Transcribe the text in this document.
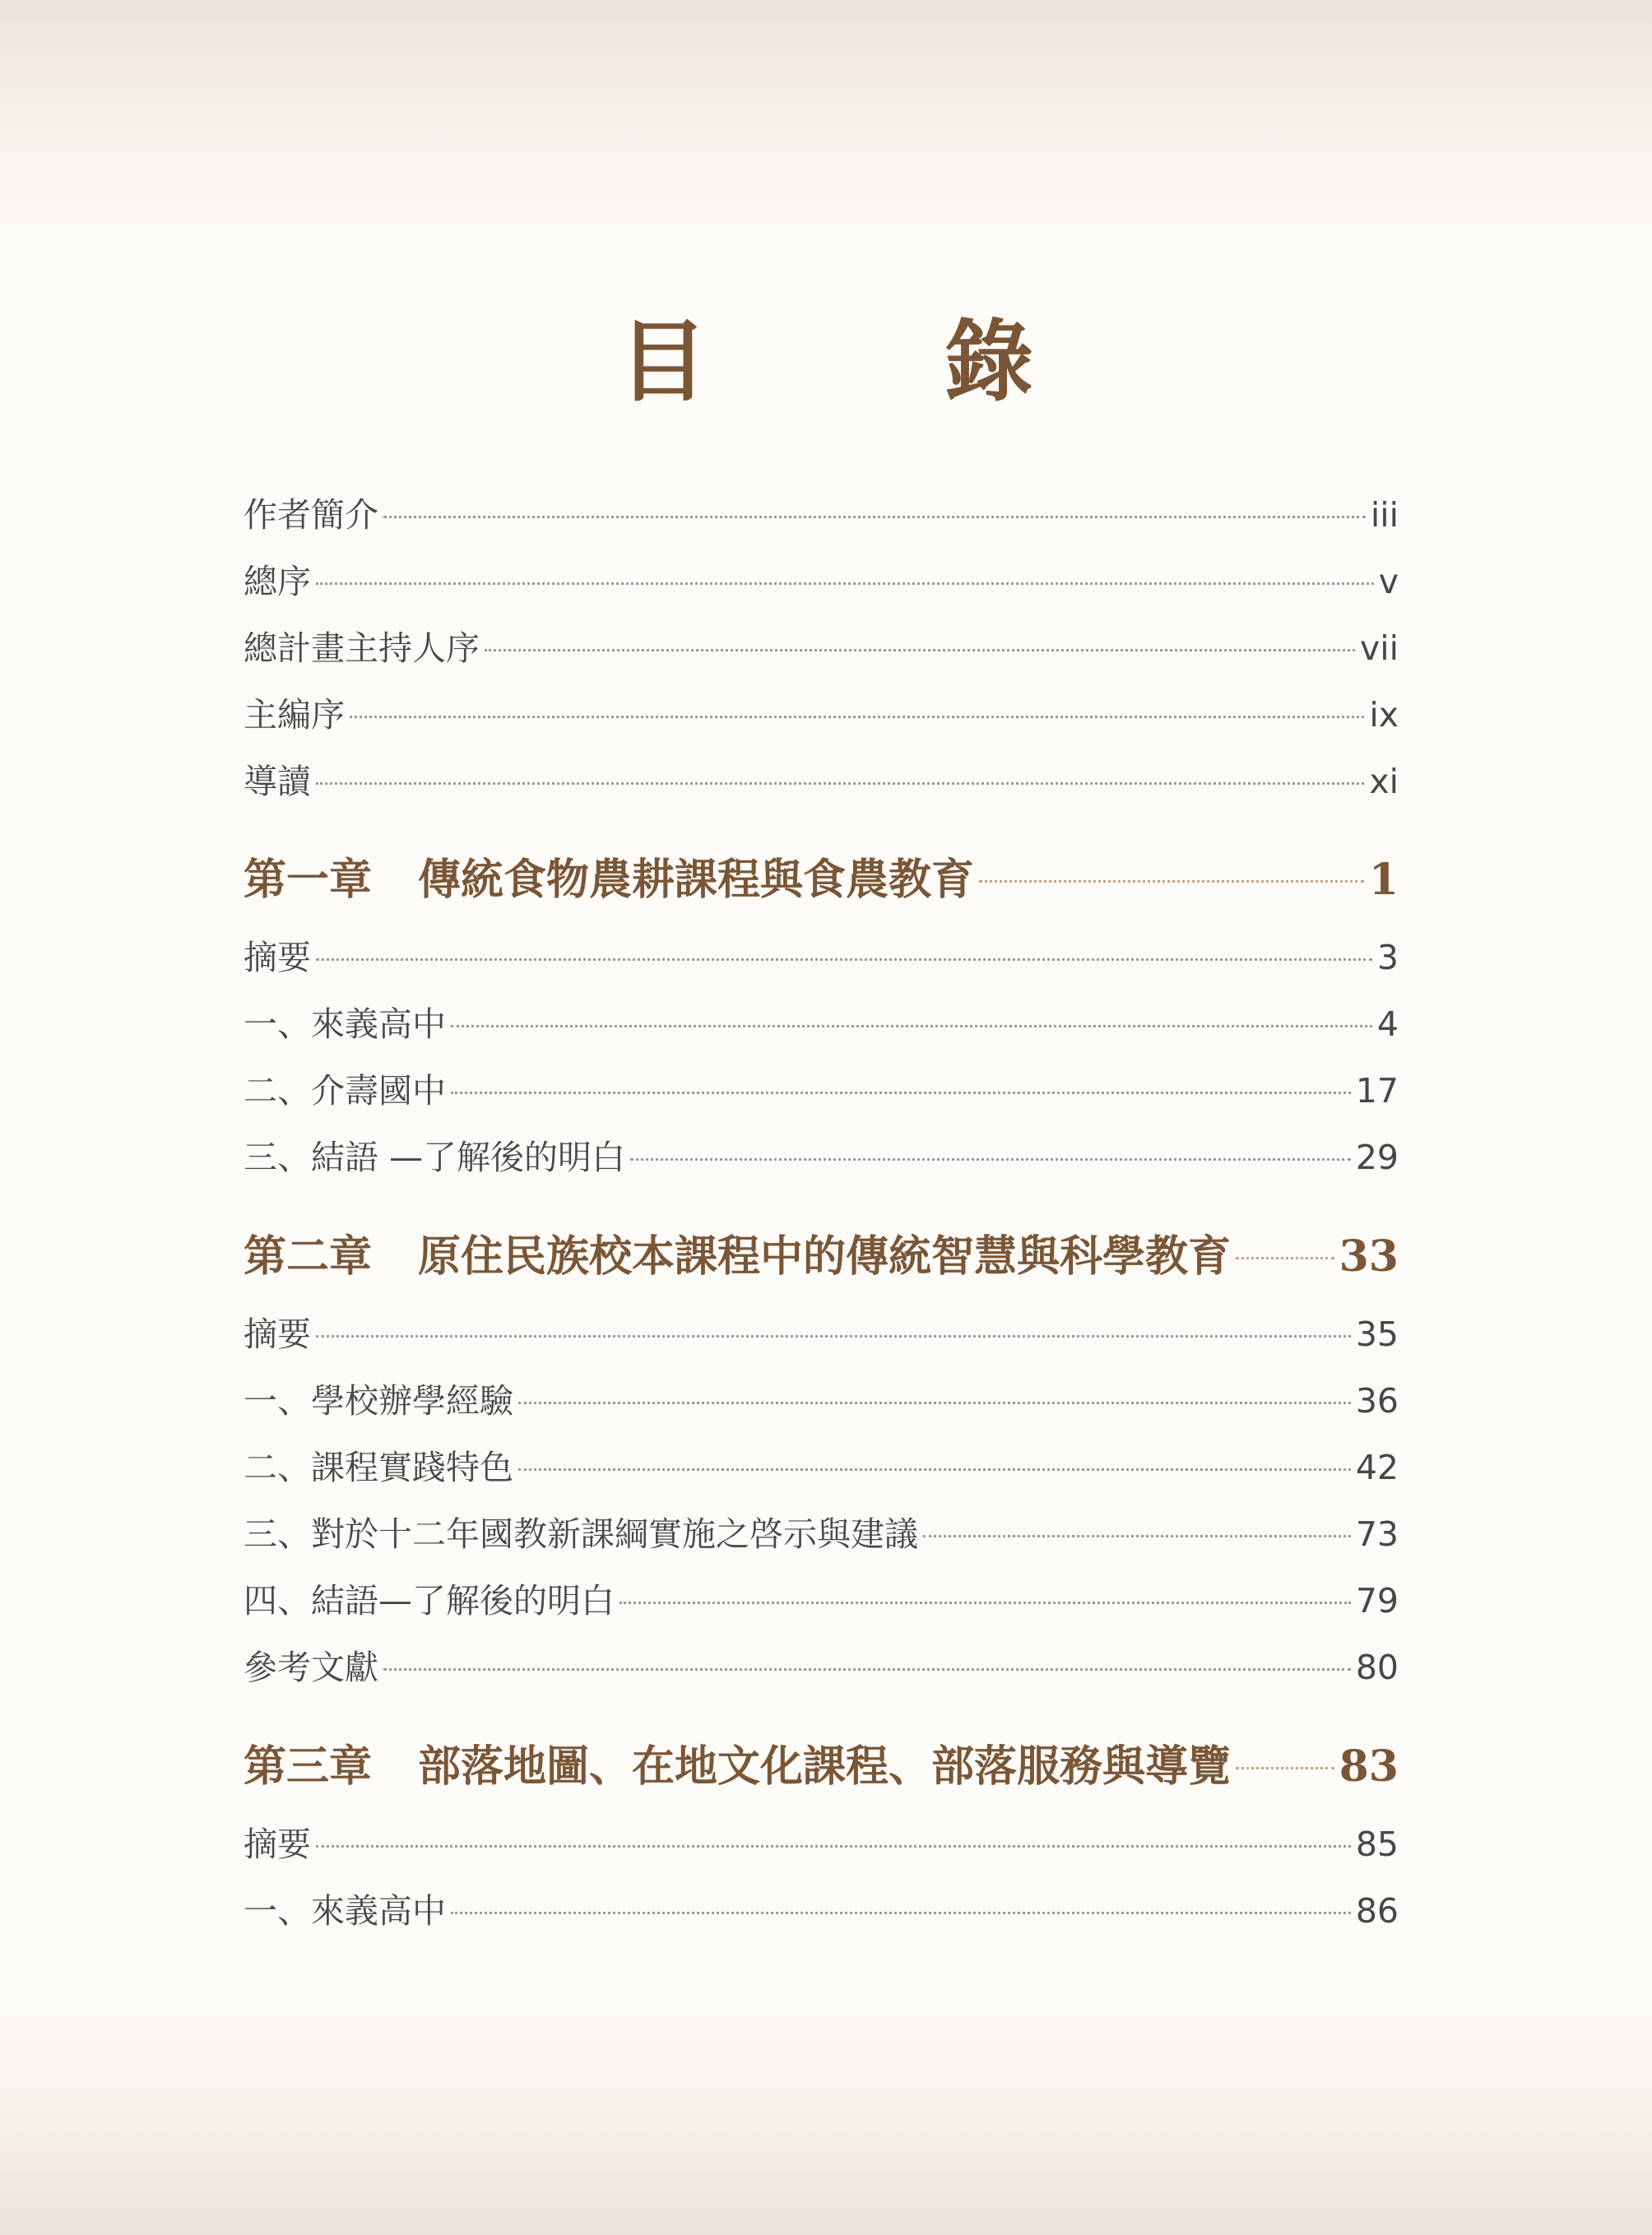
目　錄
作者簡介	iii
總序	v
總計畫主持人序	vii
主編序	ix
導讀	xi
第一章 傳統食物農耕課程與食農教育	1
摘要	3
一、來義高中	4
二、介壽國中	17
三、結語 —了解後的明白	29
第二章 原住民族校本課程中的傳統智慧與科學教育	33
摘要	35
一、學校辦學經驗	36
二、課程實踐特色	42
三、對於十二年國教新課綱實施之啓示與建議	73
四、結語—了解後的明白	79
參考文獻	80
第三章 部落地圖、在地文化課程、部落服務與導覽	83
摘要	85
一、來義高中	86
